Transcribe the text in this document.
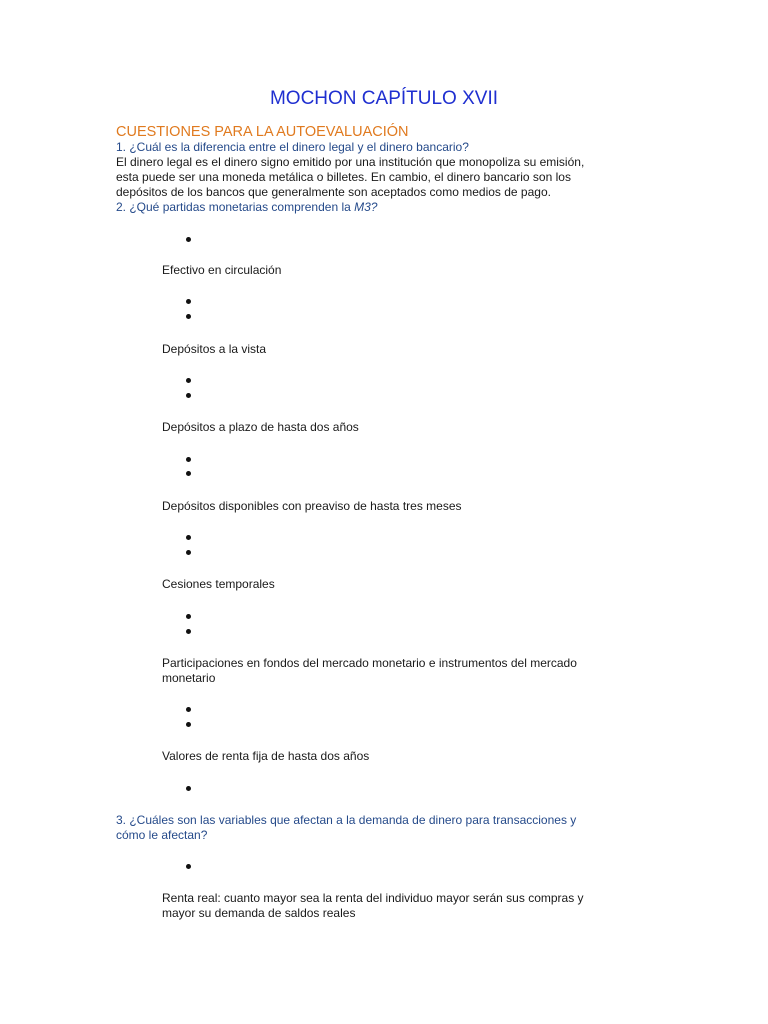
MOCHON CAPÍTULO XVII
CUESTIONES PARA LA AUTOEVALUACIÓN
1. ¿Cuál es la diferencia entre el dinero legal y el dinero bancario?
El dinero legal es el dinero signo emitido por una institución que monopoliza su emisión,
esta puede ser una moneda metálica o billetes. En cambio, el dinero bancario son los
depósitos de los bancos que generalmente son aceptados como medios de pago.
2. ¿Qué partidas monetarias comprenden la M3?
Efectivo en circulación
Depósitos a la vista
Depósitos a plazo de hasta dos años
Depósitos disponibles con preaviso de hasta tres meses
Cesiones temporales
Participaciones en fondos del mercado monetario e instrumentos del mercado
monetario
Valores de renta fija de hasta dos años
3. ¿Cuáles son las variables que afectan a la demanda de dinero para transacciones y
cómo le afectan?
Renta real: cuanto mayor sea la renta del individuo mayor serán sus compras y
mayor su demanda de saldos reales
